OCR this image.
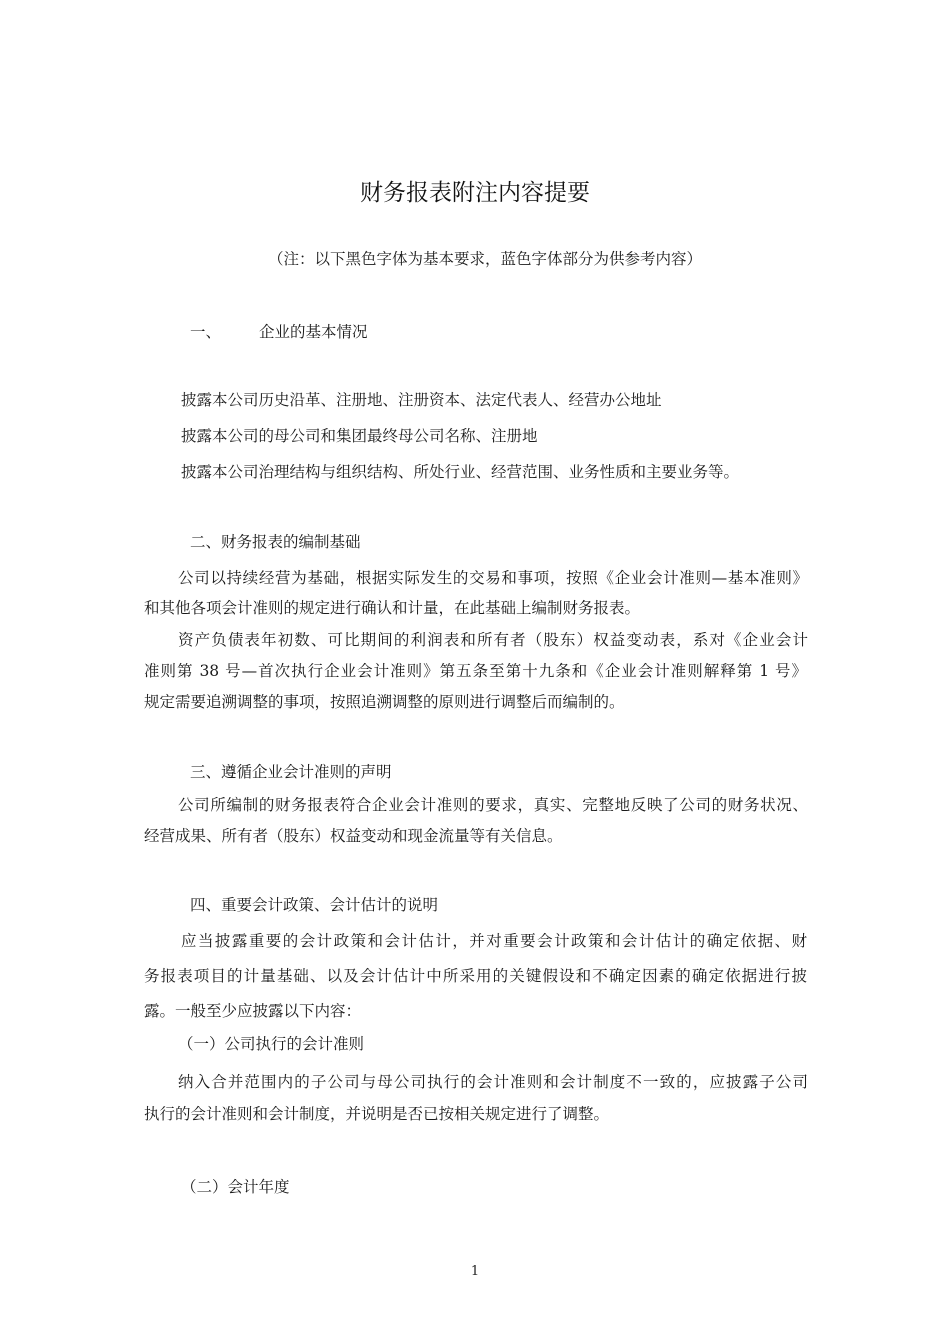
财务报表附注内容提要
（注：以下黑色字体为基本要求，蓝色字体部分为供参考内容）
一、 企业的基本情况
披露本公司历史沿革、注册地、注册资本、法定代表人、经营办公地址
披露本公司的母公司和集团最终母公司名称、注册地
披露本公司治理结构与组织结构、所处行业、经营范围、业务性质和主要业务等。
二、财务报表的编制基础
公司以持续经营为基础，根据实际发生的交易和事项，按照《企业会计准则—基本准则》
和其他各项会计准则的规定进行确认和计量，在此基础上编制财务报表。
资产负债表年初数、可比期间的利润表和所有者（股东）权益变动表，系对《企业会计
准则第 38 号—首次执行企业会计准则》第五条至第十九条和《企业会计准则解释第 1 号》
规定需要追溯调整的事项，按照追溯调整的原则进行调整后而编制的。
三、遵循企业会计准则的声明
公司所编制的财务报表符合企业会计准则的要求，真实、完整地反映了公司的财务状况、
经营成果、所有者（股东）权益变动和现金流量等有关信息。
四、重要会计政策、会计估计的说明
应当披露重要的会计政策和会计估计，并对重要会计政策和会计估计的确定依据、财
务报表项目的计量基础、以及会计估计中所采用的关键假设和不确定因素的确定依据进行披
露。一般至少应披露以下内容：
（一）公司执行的会计准则
纳入合并范围内的子公司与母公司执行的会计准则和会计制度不一致的，应披露子公司
执行的会计准则和会计制度，并说明是否已按相关规定进行了调整。
（二）会计年度
1
